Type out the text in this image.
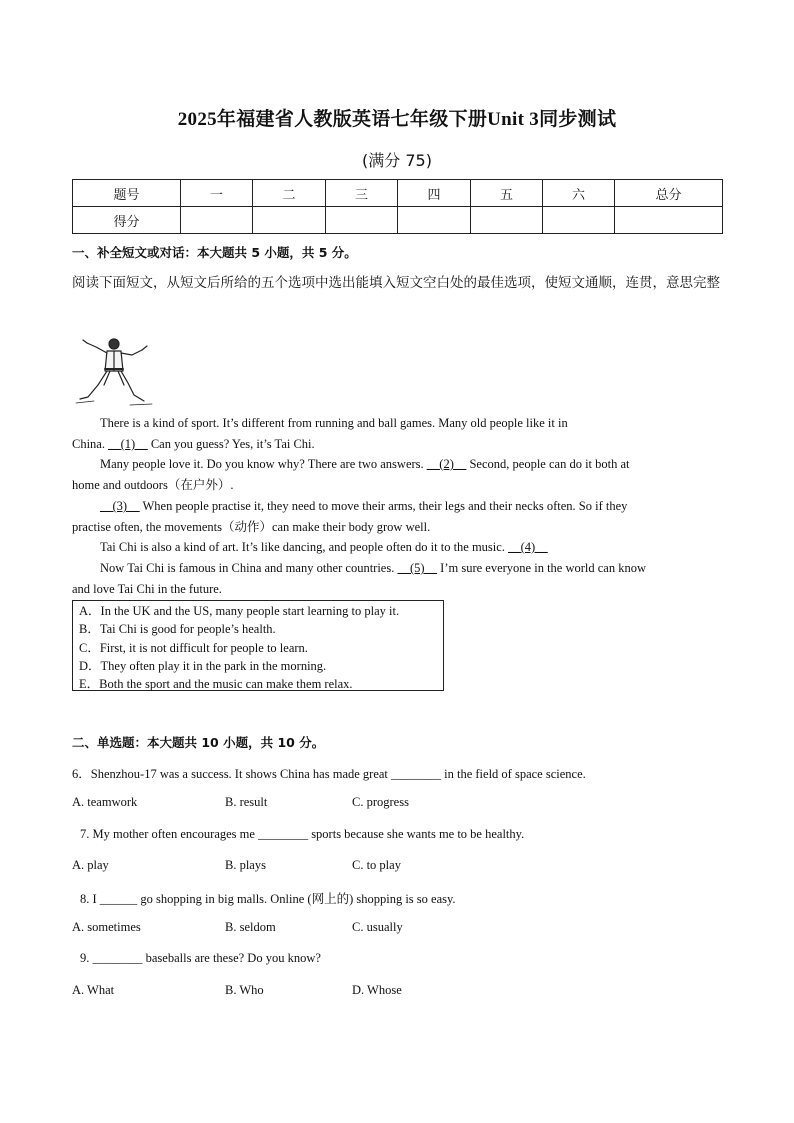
2025年福建省人教版英语七年级下册Unit 3同步测试
(满分 75)
题号	一	二	三	四	五	六	总分
得分							
一、补全短文或对话：本大题共 5 小题，共 5 分。
阅读下面短文，从短文后所给的五个选项中选出能填入短文空白处的最佳选项，使短文通顺，连贯，意思完整
There is a kind of sport. It’s different from running and ball games. Many old people like it in
China. __(1)__ Can you guess? Yes, it’s Tai Chi.
Many people love it. Do you know why? There are two answers. __(2)__ Second, people can do it both at
home and outdoors（在户外）.
__(3)__ When people practise it, they need to move their arms, their legs and their necks often. So if they
practise often, the movements（动作）can make their body grow well.
Tai Chi is also a kind of art. It’s like dancing, and people often do it to the music. __(4)__
Now Tai Chi is famous in China and many other countries. __(5)__ I’m sure everyone in the world can know
and love Tai Chi in the future.
A．In the UK and the US, many people start learning to play it.
B．Tai Chi is good for people’s health.
C．First, it is not difficult for people to learn.
D．They often play it in the park in the morning.
E．Both the sport and the music can make them relax.
二、单选题：本大题共 10 小题，共 10 分。
6．Shenzhou-17 was a success. It shows China has made great ________ in the field of space science.
A. teamwork	B. result	C. progress
7. My mother often encourages me ________ sports because she wants me to be healthy.
A. play	B. plays	C. to play
8. I ______ go shopping in big malls. Online (网上的) shopping is so easy.
A. sometimes	B. seldom	C. usually
9. ________ baseballs are these? Do you know?
A. What	B. Who	D. Whose
